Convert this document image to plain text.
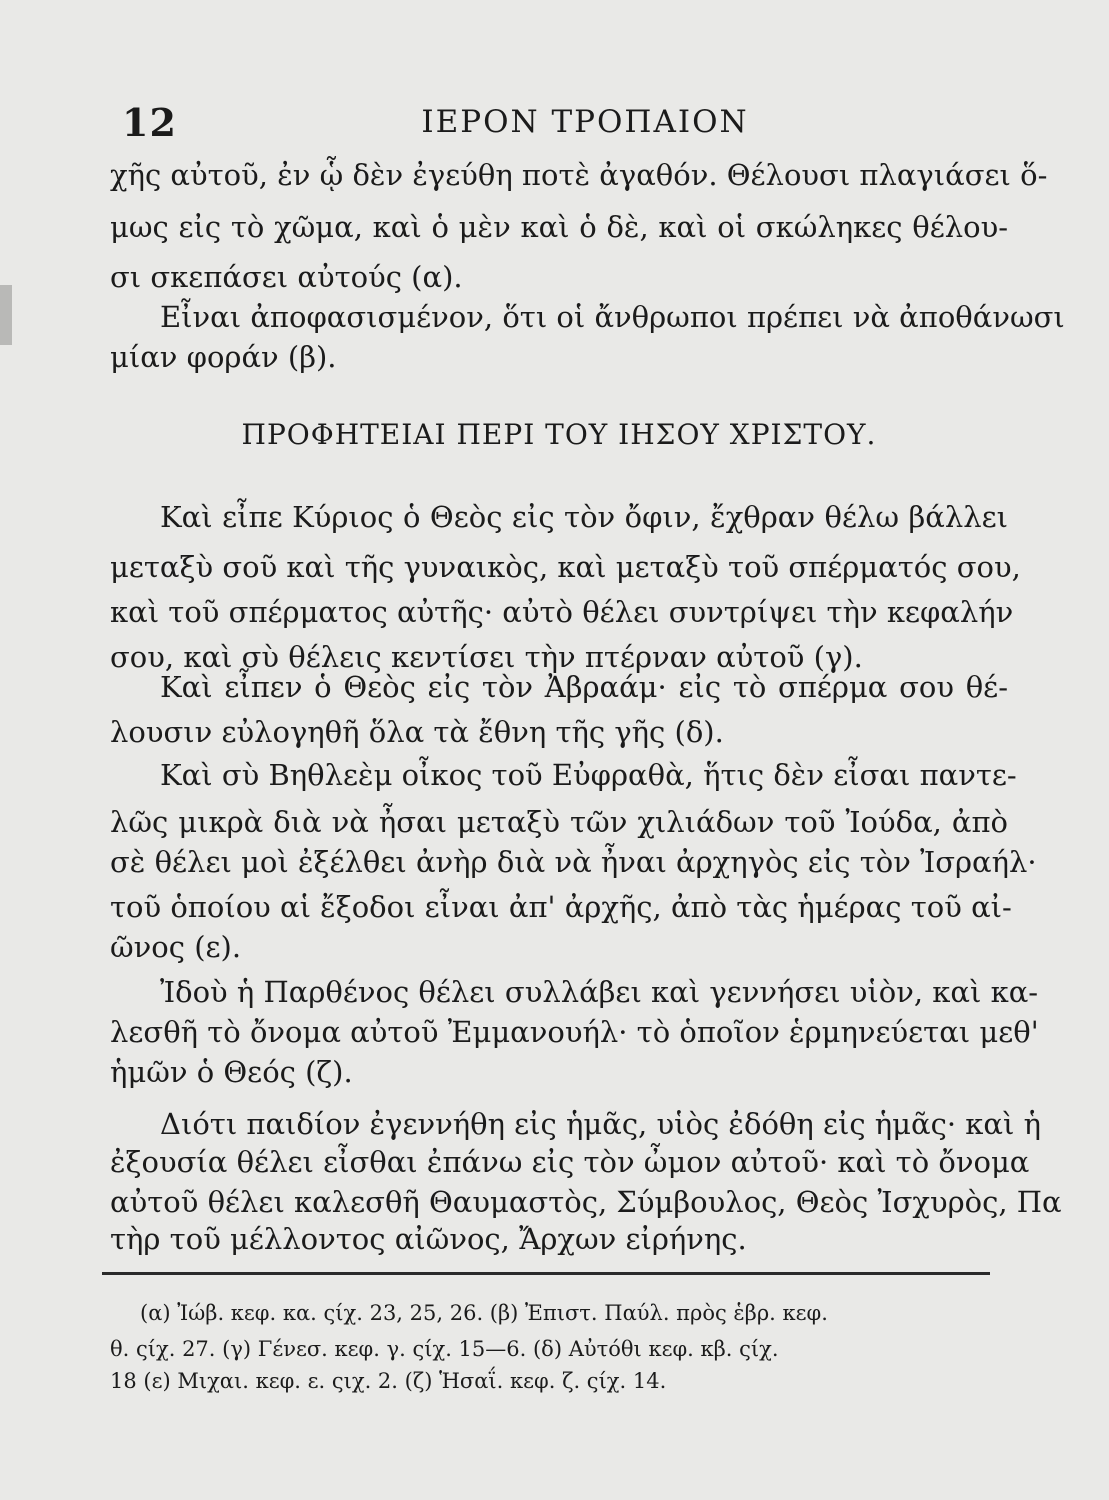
12	ΙΕΡΟΝ ΤΡΟΠΑΙΟΝ
χῆς αὐτοῦ, ἐν ᾧ δὲν ἐγεύθη ποτὲ ἀγαθόν. Θέλουσι πλαγιάσει ὅ-
μως εἰς τὸ χῶμα, καὶ ὁ μὲν καὶ ὁ δὲ, καὶ οἱ σκώληκες θέλου-
σι σκεπάσει αὐτούς (α).
Εἶναι ἀποφασισμένον, ὅτι οἱ ἄνθρωποι πρέπει νὰ ἀποθάνωσι
μίαν φοράν (β).
ΠΡΟΦΗΤΕΙΑΙ ΠΕΡΙ ΤΟΥ ΙΗΣΟΥ ΧΡΙΣΤΟΥ.
Καὶ εἶπε Κύριος ὁ Θεὸς εἰς τὸν ὄφιν, ἔχθραν θέλω βάλλει
μεταξὺ σοῦ καὶ τῆς γυναικὸς, καὶ μεταξὺ τοῦ σπέρματός σου,
καὶ τοῦ σπέρματος αὐτῆς· αὐτὸ θέλει συντρίψει τὴν κεφαλήν
σου, καὶ σὺ θέλεις κεντίσει τὴν πτέρναν αὐτοῦ (γ).
Καὶ εἶπεν ὁ Θεὸς εἰς τὸν Ἀβραάμ· εἰς τὸ σπέρμα σου θέ-
λουσιν εὐλογηθῆ ὅλα τὰ ἔθνη τῆς γῆς (δ).
Καὶ σὺ Βηθλεὲμ οἶκος τοῦ Εὐφραθὰ, ἥτις δὲν εἶσαι παντε-
λῶς μικρὰ διὰ νὰ ἦσαι μεταξὺ τῶν χιλιάδων τοῦ Ἰούδα, ἀπὸ
σὲ θέλει μοὶ ἐξέλθει ἀνὴρ διὰ νὰ ἦναι ἀρχηγὸς εἰς τὸν Ἰσραήλ·
τοῦ ὁποίου αἱ ἔξοδοι εἶναι ἀπ' ἀρχῆς, ἀπὸ τὰς ἡμέρας τοῦ αἰ-
ῶνος (ε).
Ἰδοὺ ἡ Παρθένος θέλει συλλάβει καὶ γεννήσει υἱὸν, καὶ κα-
λεσθῆ τὸ ὄνομα αὐτοῦ Ἐμμανουήλ· τὸ ὁποῖον ἑρμηνεύεται μεθ'
ἡμῶν ὁ Θεός (ζ).
Διότι παιδίον ἐγεννήθη εἰς ἡμᾶς, υἱὸς ἐδόθη εἰς ἡμᾶς· καὶ ἡ
ἐξουσία θέλει εἶσθαι ἐπάνω εἰς τὸν ὦμον αὐτοῦ· καὶ τὸ ὄνομα
αὐτοῦ θέλει καλεσθῆ Θαυμαστὸς, Σύμβουλος, Θεὸς Ἰσχυρὸς, Πα
τὴρ τοῦ μέλλοντος αἰῶνος, Ἄρχων εἰρήνης.
(α) Ἰώβ. κεφ. κα. ςίχ. 23, 25, 26. (β) Ἐπιστ. Παύλ. πρὸς ἑβρ. κεφ.
θ. ςίχ. 27. (γ) Γένεσ. κεφ. γ. ςίχ. 15—6. (δ) Αὐτόθι κεφ. κβ. ςίχ.
18 (ε) Μιχαι. κεφ. ε. ςιχ. 2. (ζ) Ἡσαΐ. κεφ. ζ. ςίχ. 14.
